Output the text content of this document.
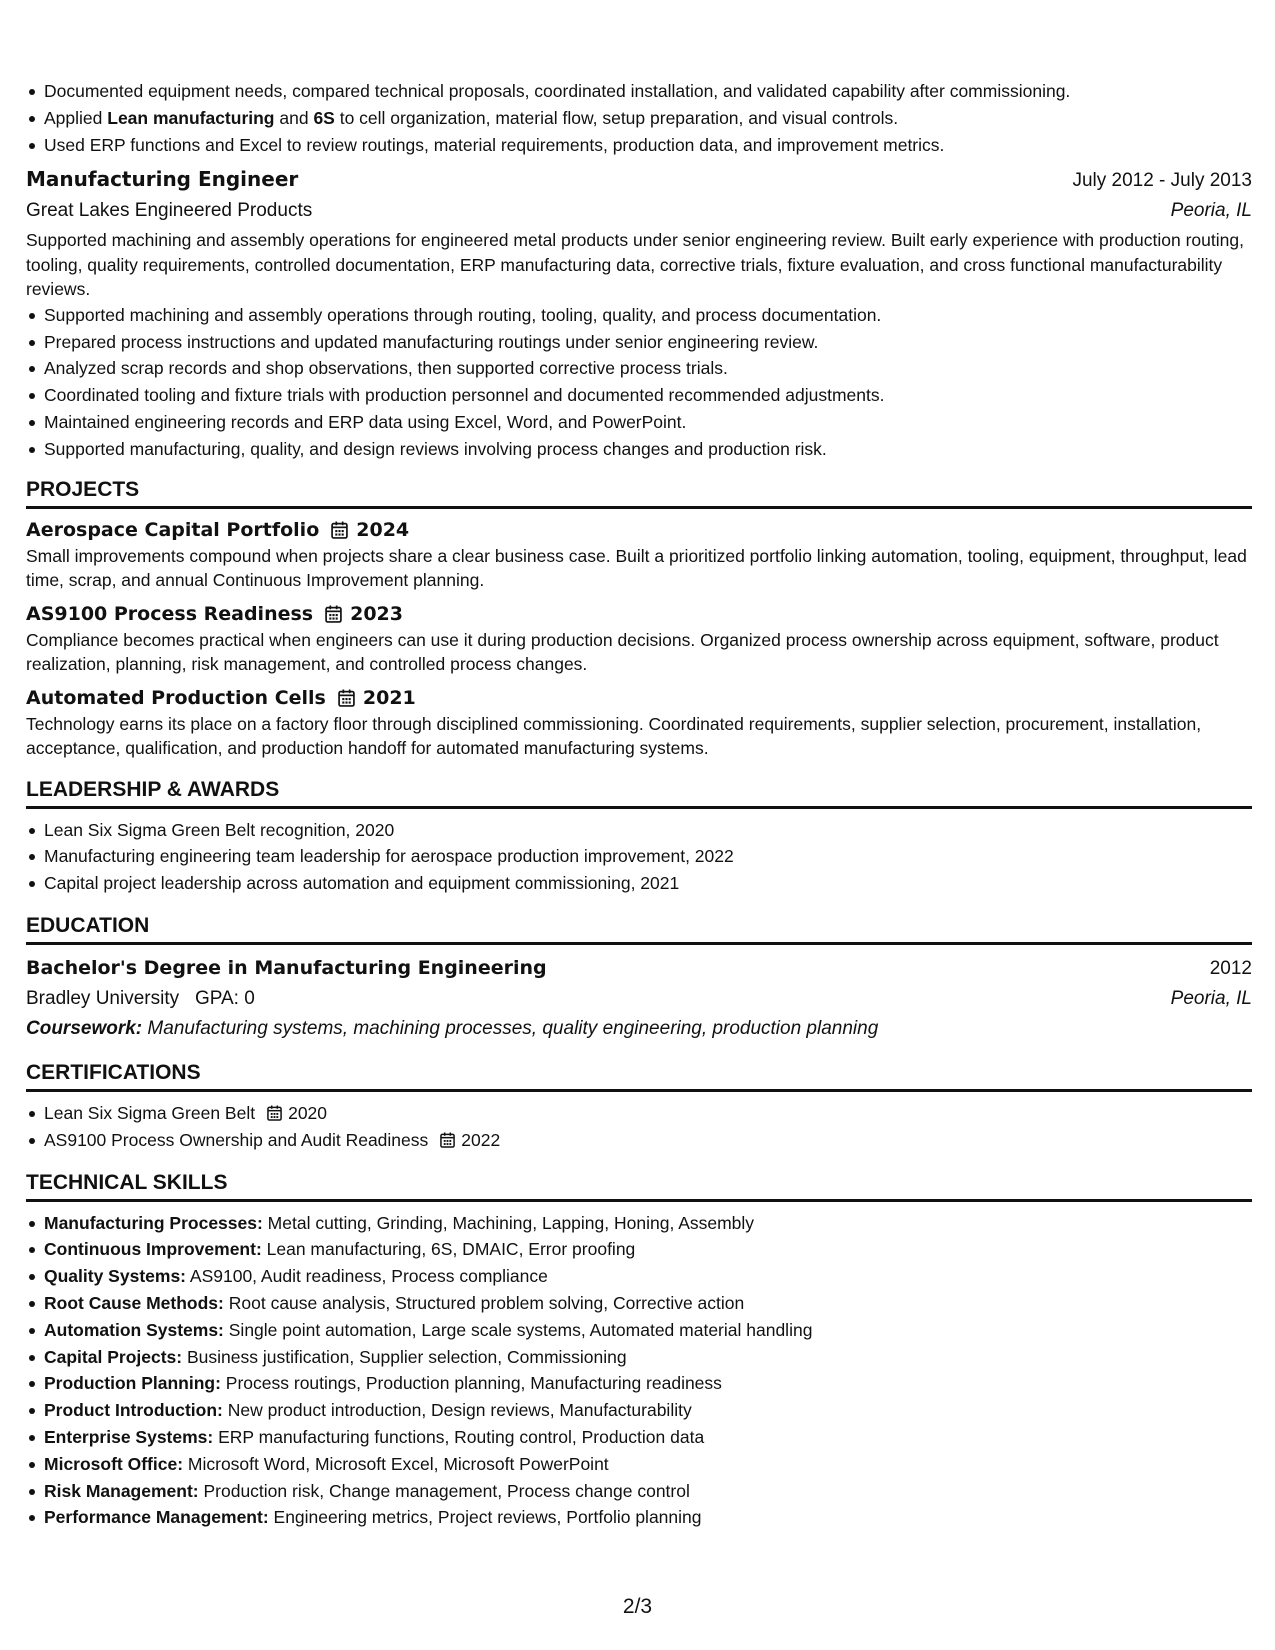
Documented equipment needs, compared technical proposals, coordinated installation, and validated capability after commissioning.
Applied Lean manufacturing and 6S to cell organization, material flow, setup preparation, and visual controls.
Used ERP functions and Excel to review routings, material requirements, production data, and improvement metrics.
Manufacturing Engineer	July 2012 - July 2013
Great Lakes Engineered Products	Peoria, IL
Supported machining and assembly operations for engineered metal products under senior engineering review. Built early experience with production routing, tooling, quality requirements, controlled documentation, ERP manufacturing data, corrective trials, fixture evaluation, and cross functional manufacturability reviews.
Supported machining and assembly operations through routing, tooling, quality, and process documentation.
Prepared process instructions and updated manufacturing routings under senior engineering review.
Analyzed scrap records and shop observations, then supported corrective process trials.
Coordinated tooling and fixture trials with production personnel and documented recommended adjustments.
Maintained engineering records and ERP data using Excel, Word, and PowerPoint.
Supported manufacturing, quality, and design reviews involving process changes and production risk.
PROJECTS
Aerospace Capital Portfolio 2024
Small improvements compound when projects share a clear business case. Built a prioritized portfolio linking automation, tooling, equipment, throughput, lead time, scrap, and annual Continuous Improvement planning.
AS9100 Process Readiness 2023
Compliance becomes practical when engineers can use it during production decisions. Organized process ownership across equipment, software, product realization, planning, risk management, and controlled process changes.
Automated Production Cells 2021
Technology earns its place on a factory floor through disciplined commissioning. Coordinated requirements, supplier selection, procurement, installation, acceptance, qualification, and production handoff for automated manufacturing systems.
LEADERSHIP & AWARDS
Lean Six Sigma Green Belt recognition, 2020
Manufacturing engineering team leadership for aerospace production improvement, 2022
Capital project leadership across automation and equipment commissioning, 2021
EDUCATION
Bachelor's Degree in Manufacturing Engineering	2012
Bradley University GPA: 0	Peoria, IL
Coursework: Manufacturing systems, machining processes, quality engineering, production planning
CERTIFICATIONS
Lean Six Sigma Green Belt 2020
AS9100 Process Ownership and Audit Readiness 2022
TECHNICAL SKILLS
Manufacturing Processes: Metal cutting, Grinding, Machining, Lapping, Honing, Assembly
Continuous Improvement: Lean manufacturing, 6S, DMAIC, Error proofing
Quality Systems: AS9100, Audit readiness, Process compliance
Root Cause Methods: Root cause analysis, Structured problem solving, Corrective action
Automation Systems: Single point automation, Large scale systems, Automated material handling
Capital Projects: Business justification, Supplier selection, Commissioning
Production Planning: Process routings, Production planning, Manufacturing readiness
Product Introduction: New product introduction, Design reviews, Manufacturability
Enterprise Systems: ERP manufacturing functions, Routing control, Production data
Microsoft Office: Microsoft Word, Microsoft Excel, Microsoft PowerPoint
Risk Management: Production risk, Change management, Process change control
Performance Management: Engineering metrics, Project reviews, Portfolio planning
2/3
